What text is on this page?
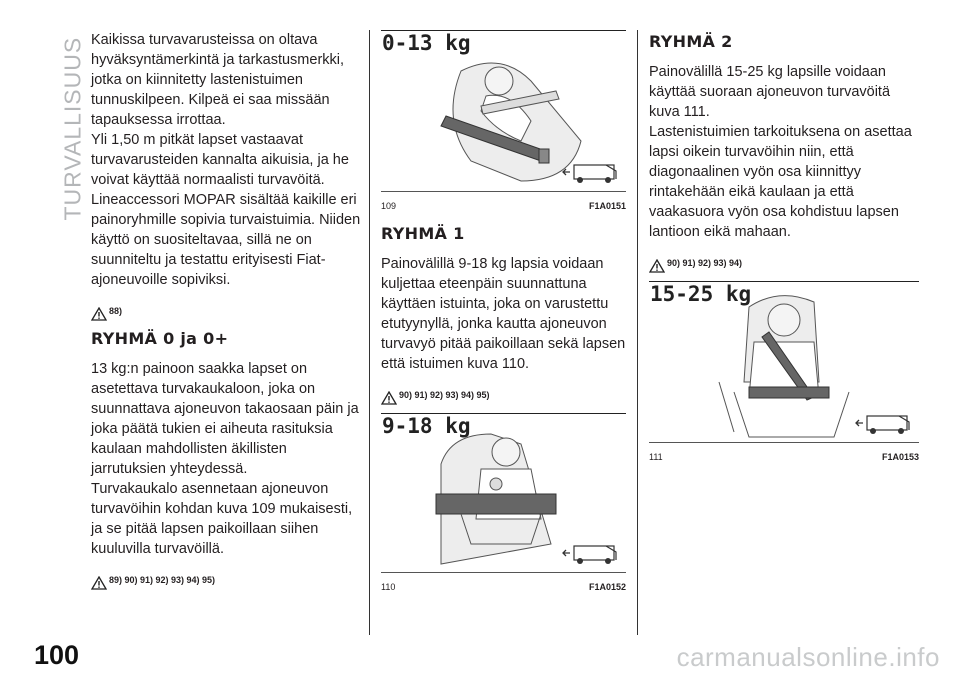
TURVALLISUUS Kaikissa turvavarusteissa on oltava hyväksyntämerkintä ja tarkastusmerkki, jotka on kiinnitetty lastenistuimen tunnuskilpeen. Kilpeä ei saa missään tapauksessa irrottaa.

Yli 1,50 m pitkät lapset vastaavat turvavarusteiden kannalta aikuisia, ja he voivat käyttää normaalisti turvavöitä.

Lineaccessori MOPAR sisältää kaikille eri painoryhmille sopivia turvaistuimia. Niiden käyttö on suositeltavaa, sillä ne on suunniteltu ja testattu erityisesti Fiat-ajoneuvoille sopiviksi.

88)

RYHMÄ 0 ja 0+

13 kg:n painoon saakka lapset on asetettava turvakaukaloon, joka on suunnattava ajoneuvon takaosaan päin ja joka päätä tukien ei aiheuta rasituksia kaulaan mahdollisten äkillisten jarrutuksien yhteydessä.

Turvakaukalo asennetaan ajoneuvon turvavöihin kohdan kuva 109 mukaisesti, ja se pitää lapsen paikoillaan siihen kuuluvilla turvavöillä.

89) 90) 91) 92) 93) 94) 95)

0-13 kg
109	F1A0151

RYHMÄ 1

Painovälillä 9-18 kg lapsia voidaan kuljettaa eteenpäin suunnattuna käyttäen istuinta, joka on varustettu etutyynyllä, jonka kautta ajoneuvon turvavyö pitää paikoillaan sekä lapsen että istuimen kuva 110.

90) 91) 92) 93) 94) 95)

9-18 kg
110	F1A0152

RYHMÄ 2

Painovälillä 15-25 kg lapsille voidaan käyttää suoraan ajoneuvon turvavöitä kuva 111.

Lastenistuimien tarkoituksena on asettaa lapsi oikein turvavöihin niin, että diagonaalinen vyön osa kiinnittyy rintakehään eikä kaulaan ja että vaakasuora vyön osa kohdistuu lapsen lantioon eikä mahaan.

90) 91) 92) 93) 94)

15-25 kg
111	F1A0153
100	carmanualsonline.info
